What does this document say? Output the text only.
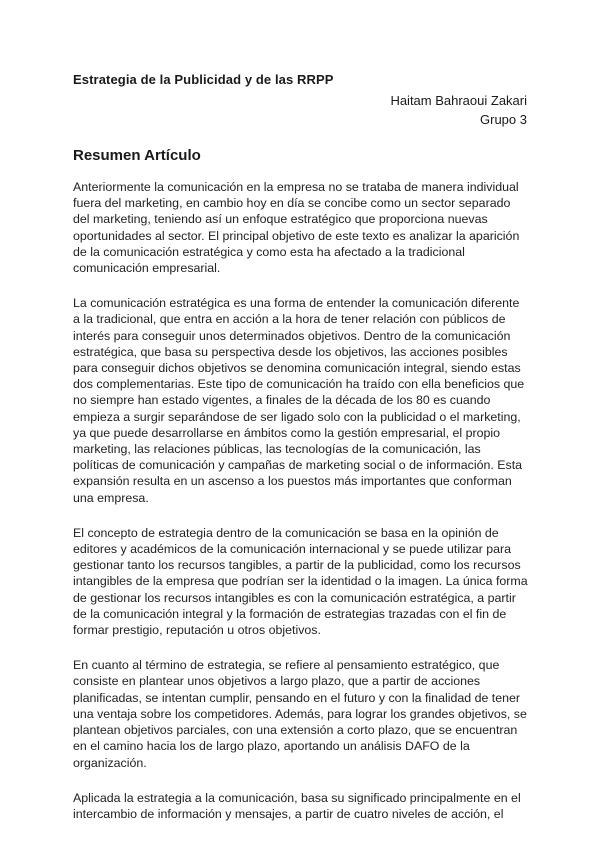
Estrategia de la Publicidad y de las RRPP
Haitam Bahraoui Zakari
Grupo 3
Resumen Artículo

Anteriormente la comunicación en la empresa no se trataba de manera individual fuera del marketing, en cambio hoy en día se concibe como un sector separado del marketing, teniendo así un enfoque estratégico que proporciona nuevas oportunidades al sector. El principal objetivo de este texto es analizar la aparición de la comunicación estratégica y como esta ha afectado a la tradicional comunicación empresarial.

La comunicación estratégica es una forma de entender la comunicación diferente a la tradicional, que entra en acción a la hora de tener relación con públicos de interés para conseguir unos determinados objetivos. Dentro de la comunicación estratégica, que basa su perspectiva desde los objetivos, las acciones posibles para conseguir dichos objetivos se denomina comunicación integral, siendo estas dos complementarias. Este tipo de comunicación ha traído con ella beneficios que no siempre han estado vigentes, a finales de la década de los 80 es cuando empieza a surgir separándose de ser ligado solo con la publicidad o el marketing, ya que puede desarrollarse en ámbitos como la gestión empresarial, el propio marketing, las relaciones públicas, las tecnologías de la comunicación, las políticas de comunicación y campañas de marketing social o de información. Esta expansión resulta en un ascenso a los puestos más importantes que conforman una empresa.

El concepto de estrategia dentro de la comunicación se basa en la opinión de editores y académicos de la comunicación internacional y se puede utilizar para gestionar tanto los recursos tangibles, a partir de la publicidad, como los recursos intangibles de la empresa que podrían ser la identidad o la imagen. La única forma de gestionar los recursos intangibles es con la comunicación estratégica, a partir de la comunicación integral y la formación de estrategias trazadas con el fin de formar prestigio, reputación u otros objetivos.

En cuanto al término de estrategia, se refiere al pensamiento estratégico, que consiste en plantear unos objetivos a largo plazo, que a partir de acciones planificadas, se intentan cumplir, pensando en el futuro y con la finalidad de tener una ventaja sobre los competidores. Además, para lograr los grandes objetivos, se plantean objetivos parciales, con una extensión a corto plazo, que se encuentran en el camino hacia los de largo plazo, aportando un análisis DAFO de la organización.

Aplicada la estrategia a la comunicación, basa su significado principalmente en el intercambio de información y mensajes, a partir de cuatro niveles de acción, el
